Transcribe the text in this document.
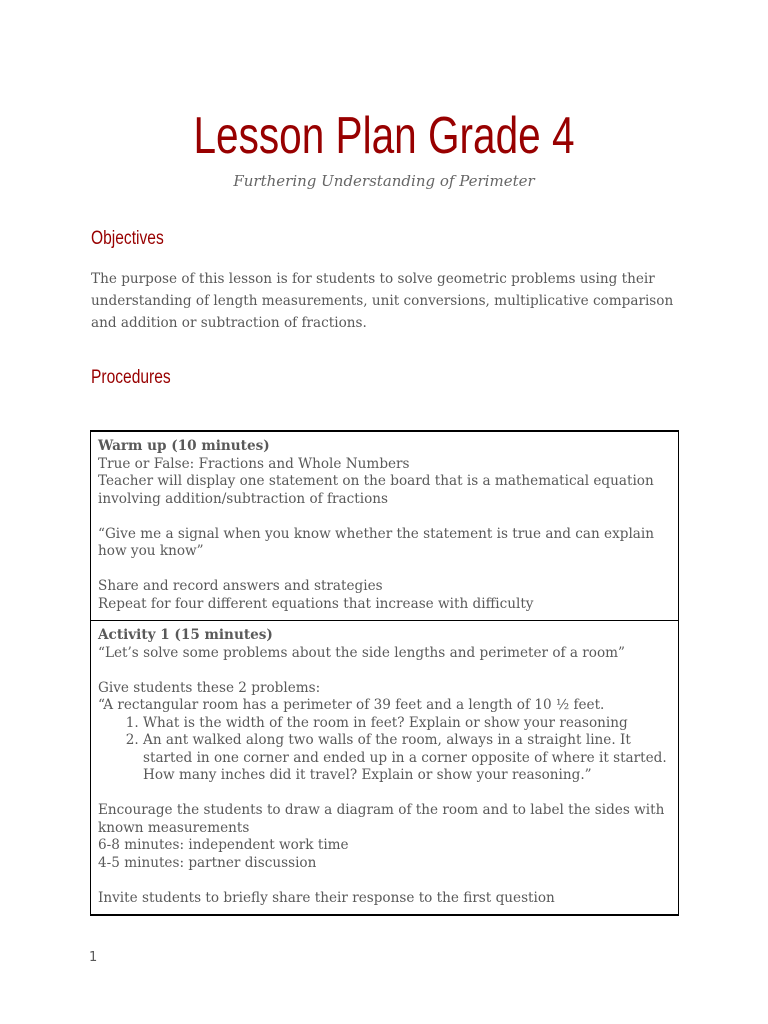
Lesson Plan Grade 4
Furthering Understanding of Perimeter
Objectives

The purpose of this lesson is for students to solve geometric problems using their understanding of length measurements, unit conversions, multiplicative comparison and addition or subtraction of fractions.

Procedures
Warm up (10 minutes)
True or False: Fractions and Whole Numbers
Teacher will display one statement on the board that is a mathematical equation involving addition/subtraction of fractions
“Give me a signal when you know whether the statement is true and can explain how you know”
Share and record answers and strategies
Repeat for four different equations that increase with difficulty

Activity 1 (15 minutes)
“Let’s solve some problems about the side lengths and perimeter of a room”
Give students these 2 problems:
“A rectangular room has a perimeter of 39 feet and a length of 10 ½ feet.
1. What is the width of the room in feet? Explain or show your reasoning
2. An ant walked along two walls of the room, always in a straight line. It started in one corner and ended up in a corner opposite of where it started. How many inches did it travel? Explain or show your reasoning.”
Encourage the students to draw a diagram of the room and to label the sides with known measurements
6-8 minutes: independent work time
4-5 minutes: partner discussion
Invite students to briefly share their response to the first question
1
